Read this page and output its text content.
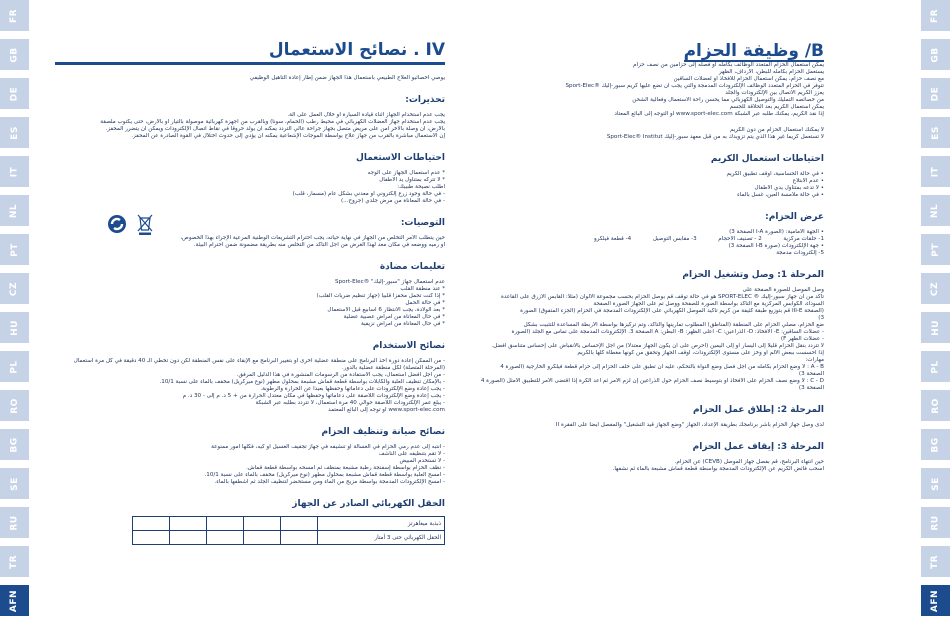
FR
GB
DE
ES
IT
NL
PT
CZ
HU
PL
RO
BG
SE
RU
TR
AFN
FR
GB
DE
ES
IT
NL
PT
CZ
HU
PL
RO
BG
SE
RU
TR
AFN
IV . نصائح الاستعمال
يوصي أخصائيو العلاج الطبيعي باستعمال هذا الجهاز ضمن إطار إعادة التأهيل الوظيفي
تحذيرات:
يجب عدم استخدام الجهاز أثناء قيادة السيارة أو خلال العمل على آلة.
يجب عدم استخدام جهاز العضلات الكهربائي في محيط رطب (الحمام، سونا) وبالقرب من أجهزة كهربائية موصولة بالتيار أو بالأرض، حتى يكتوب ملصقة
بالأرض، أن وصلة بالآخر أمن على مريض متصل بجهاز جراحة عالي التردد يمكنه أن يولد حروقا في نقاط اتصال الإلكترودات ويمكن أن يتضرر المحفز.
إن الاستعمال مباشرة بالقرب من جهاز علاج بواسطة الموجات الإشعاعية يمكنه أن يؤدي إلى حدوث اختلال في القوة الصادرة عن المحفز.
احتياطات الاستعمال
* عدم استعمال الجهاز على الوجه
* لا تتركه بمتناول يد الأطفال
اطلب نصيحة طبيبك:
- في حالة وجود زرع إلكتروني أو معدني بشكل عام (مسمار، قلب)
- في حالة المعاناة من مرض جلدي (جروح...)
التوصيات:
حين يتطلب الأمر التخلص من الجهاز في نهاية حياته، يجب احترام التشريعات الوطنية المرعية الإجراء بهذا الخصوص،
أو رميه ووضعه في مكان معد لهذا الغرض من أجل التأكد من التخلص منه بطريقة مضمونة ضمن احترام البيئة.
تعليمات مضادة
عدم استعمال جهاز "سبور-إليك" ®Sport-Elec
* عند منطقة القلب
* إذا كنت تحمل محفزا قلبيا (جهاز تنظيم ضربات القلب)
* في حالة الحمل
* بعد الولادة، يجب الانتظار 6 أسابيع قبل الاستعمال
* في حال المعاناة من أمراض عصبية عضلية
* في حال المعاناة من أمراض نزيفية
نصائح الاستخدام
- من الممكن إعادة دورة أخذ البرنامج على منطقة عضلية أخرى أو بتغيير البرنامج مع الإبقاء على نفس المنطقة لكن دون تخطي الـ 40 دقيقة في كل مرة استعمال
(المرحلة المتصلة) لكل منطقة عضلية بالدور.
- من أجل أفضل استعمال، يجب الاستفادة من الرسومات المنشورة في هذا الدليل المرفق.
- بالإمكان تنظيف العلبة والكابلات بواسطة قطعة قماش مشبعة بمحلول مطهر (نوع ميركريل) مخفف بالماء على نسبة 10/1.
- يجب إعادة وضع الإلكترودات على دعاماتها وحفظها بعيدا عن الحرارة والرطوبة.
- يجب إعادة وضع الإلكترودات اللاصقة على دعاماتها وحفظها في مكان معتدل الحرارة من + 5 د. م إلى - 30 د. م
- يبلغ عمر الإلكترودات اللاصقة حوالي 40 مرة استعمال، لا تتردد بطلبه عبر الشبكة
www.sport-elec.com أو توجه إلى البائع المعتمد
نصائح صيانة وتنظيف الحزام
- انتبه إلى عدم رمي الحزام في الغسالة أو تنشيفه في جهاز تجفيف الغسيل أو كيه، فكلها أمور ممنوعة
- لا تقم بتنظيفه على الناشف
- لا تستخدم المبيض
- نظف الحزام بواسطة إسفنجة رطبة مشبعة بمنظف ثم امسحه بواسطة قطعة قماش.
- امسح العلبة بواسطة قطعة قماش مشبعة بمحلول مطهر (نوع ميركريل) مخفف بالماء على نسبة 10/1.
- امسح الإلكترودات المدمجة بواسطة مزيج من الماء ومن مستحضر لتنظيف الجلد ثم اشطفها بالماء.
الحقل الكهربائي الصادر عن الجهاز
ذبذبة ميغاهرتز					
الحقل الكهربائي حتى 3 أمتار					
B/ وظيفة الحزام
يمكن استعمال الحزام المتعدد الوظائف بكامله أو فصله إلى حزامين من نصف حزام
يستعمل الحزام بكامله للبطن، الأرداف، الظهر
مع نصف حزام، يمكن استعمال الحزام للأفخاذ أو لعضلات الساقين
تتوفر في الحزام المتعدد الوظائف الإلكترودات المدمجة والتي يجب أن تضع عليها كريم سبور-إليك ®Sport-Elec
يعزز الكريم الاتصال بين الإلكترودات والجلد
من خصائصه التمليك والتوصيل الكهربائي مما يحسن راحة الاستعمال وفعالية الشحن
يمكن استعمال الكريم بعد الحلاقة للجسم
إذا نفد الكريم، يمكنك طلبه عبر الشبكة www.sport-elec.com أو التوجه إلى البائع المعتاد
لا يمكنك استعمال الحزام من دون الكريم
لا تستعمل كريما غير هذا الذي يتم تزويدك به من قبل معهد سبور-إليك Sport-Elec® Institut
احتياطات استعمال الكريم
• في حالة الحساسية، أوقف تطبيق الكريم
• عدم الابتلاع
• لا تدعه بمتناول يدي الأطفال
• في حالة ملامسة العين، غسل بالماء
عرض الحزام:
• الجهة الأمامية: (الصورة I-A الصفحة 3)
1- حلقات مركزية
2 - تصنيف الأحجام
3- مقابس التوصيل
4- قطعة فيلكرو
• جهة الإلكترودات (صورة I-B الصفحة 3)
5- إلكترودات مدمجة
المرحلة 1: وصل وتشغيل الحزام
وصل الموصل للصورة الصفحة على
تأكد من أن جهاز سبور-إليك ® SPORT-ELEC هو في حالة توقف قم بوصل الحزام بحسب مجموعة الألوان (مثلا: القابس الأزرق على القاعدة
السوداء، الكوابس المركزية مع التأكد بواسطة الصورة للصفحة ووصل تم على الجهاز الصورة الصفحة
(الصفحة III-E قم بتوزيع طبقة كثيفة من كريم تأكيد الموصل الكهربائي على الإلكترودات المدمجة في الحزام (الجزء المتفوق) الصورة
3)
ضع الحزام، مصلي الحزام على المنطقة (المناطق) المطلوب تمارينها والتأكد، وتم تركيزها بواسطة الأربطة المساعدة للتثبيت بشكل
- عضلات الساقين: E- الأفخاذ: D- الذراعين: C- أعلى الظهر: B- البطن: A الصفحة 3. الإلكترونات المدمجة على تماس مع الجلد (الصورة
- عضلات الظهر F)
لا تتردد بنقل الحزام قليلا إلى اليسار أو إلى اليمين (احرص على أن يكون الجهاز معتدلا) من أجل الإحساس بالانقباض على إحساس متناسق أفضل.
إذا أحسست ببعض الألم أو وخز على مستوى الإلكترودات، أوقف الجهاز وتحقق من كونها مغطاة كلها بالكريم
مهارات:
A - B : لا وضع الحزام بكامله من أجل فصل وضع النواة بالتحكم، عليه أن تطبق على خلف الحزام إلى حزام قطعة فيلكرو الخارجية (الصورة 4
الصفحة 3)
C - D : لا وضع نصف الحزام على الأفخاذ أو بتوسيط نصف الحزام حول الذراعين إن لزم الأمر ثم أعد الكرة إذا اقتضى الأمر للتطبيق الأمثل (الصورة 4
الصفحة 3)
المرحلة 2: إطلاق عمل الحزام
لدى وصل جهاز الحزام باشر برنامجك بطريقة الإعداد، الجهاز "وضع الجهاز قيد التشغيل" والمفصل أيضا على الفقرة II
المرحلة 3: إيقاف عمل الحزام
حين انتهاء البرنامج، قم بفصل جهاز الموصل (CEVB) عن الحزام.
اسحب فائض الكريم عن الإلكترودات المدمجة بواسطة قطعة قماش مشبعة بالماء ثم نشفها.
